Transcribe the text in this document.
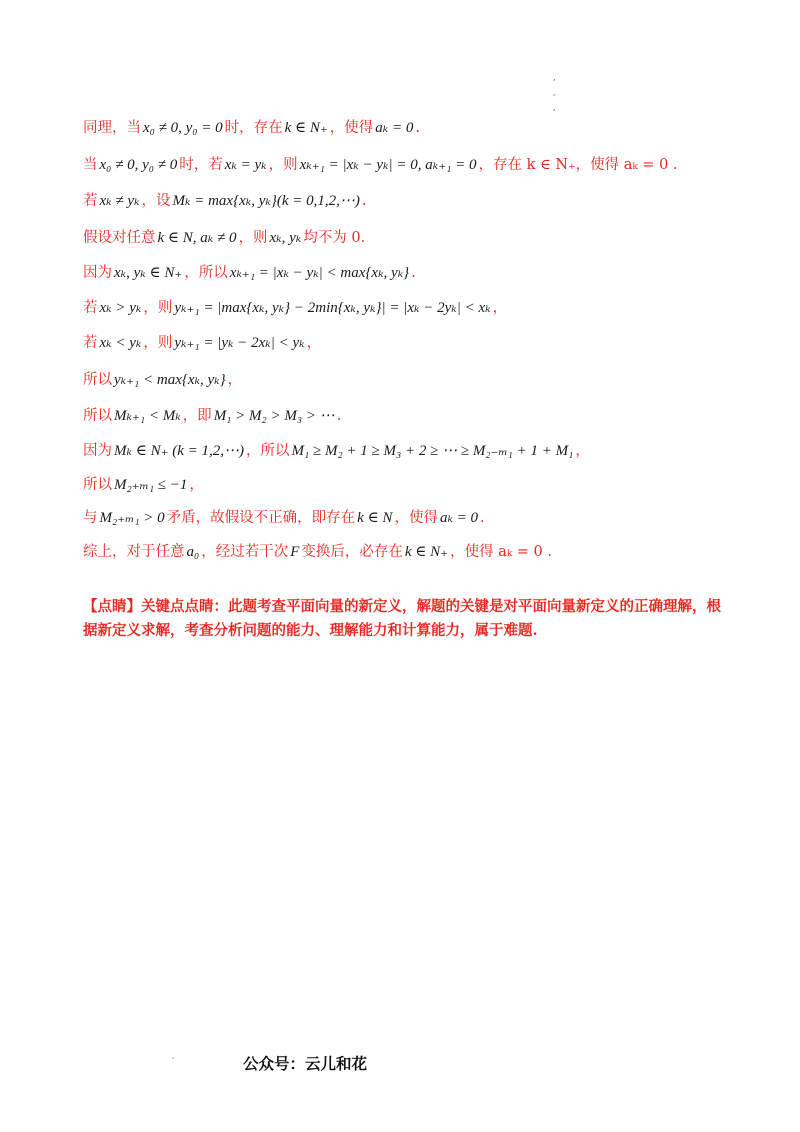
,
,
,
同理，当 x₀ ≠ 0, y₀ = 0 时，存在 k ∈ N₊ ，使得 aₖ = 0 .
当 x₀ ≠ 0, y₀ ≠ 0 时，若 xₖ = yₖ ，则 xₖ₊₁ = |xₖ − yₖ| = 0, aₖ₊₁ = 0 ，存在 k ∈ N₊，使得 aₖ = 0 .
若 xₖ ≠ yₖ ，设 Mₖ = max{xₖ, yₖ}(k = 0,1,2,⋯) .
假设对任意 k ∈ N, aₖ ≠ 0 ，则 xₖ, yₖ 均不为 0.
因为 xₖ, yₖ ∈ N₊ ，所以 xₖ₊₁ = |xₖ − yₖ| < max{xₖ, yₖ} .
若 xₖ > yₖ ，则 yₖ₊₁ = |max{xₖ, yₖ} − 2min{xₖ, yₖ}| = |xₖ − 2yₖ| < xₖ ，
若 xₖ < yₖ ，则 yₖ₊₁ = |yₖ − 2xₖ| < yₖ ，
所以 yₖ₊₁ < max{xₖ, yₖ} ，
所以 Mₖ₊₁ < Mₖ ，即 M₁ > M₂ > M₃ > ⋯ .
因为 Mₖ ∈ N₊ (k = 1,2,⋯) ，所以 M₁ ≥ M₂ + 1 ≥ M₃ + 2 ≥ ⋯ ≥ M₂₋ₘ₁ + 1 + M₁ ，
所以 M₂₊ₘ₁ ≤ −1 ，
与 M₂₊ₘ₁ > 0 矛盾，故假设不正确，即存在 k ∈ N ，使得 aₖ = 0 .
综上，对于任意 a₀ ，经过若干次 F 变换后，必存在 k ∈ N₊ ，使得 aₖ = 0 .
【点睛】关键点点睛：此题考查平面向量的新定义，解题的关键是对平面向量新定义的正确理解，根据新定义求解，考查分析问题的能力、理解能力和计算能力，属于难题.
,	公众号：云儿和花
